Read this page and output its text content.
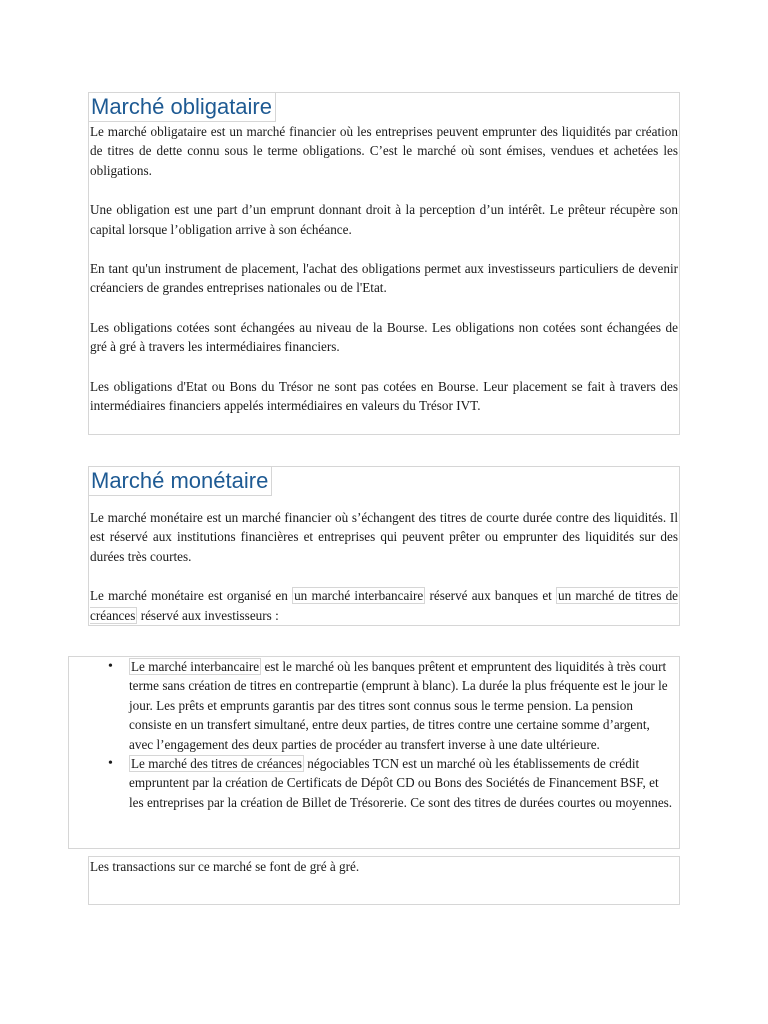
Marché obligataire

Le marché obligataire est un marché financier où les entreprises peuvent emprunter des liquidités par création de titres de dette connu sous le terme obligations. C’est le marché où sont émises, vendues et achetées les obligations.

Une obligation est une part d’un emprunt donnant droit à la perception d’un intérêt. Le prêteur récupère son capital lorsque l’obligation arrive à son échéance.

En tant qu'un instrument de placement, l'achat des obligations permet aux investisseurs particuliers de devenir créanciers de grandes entreprises nationales ou de l'Etat.

Les obligations cotées sont échangées au niveau de la Bourse. Les obligations non cotées sont échangées de gré à gré à travers les intermédiaires financiers.

Les obligations d'Etat ou Bons du Trésor ne sont pas cotées en Bourse. Leur placement se fait à travers des intermédiaires financiers appelés intermédiaires en valeurs du Trésor IVT.

Marché monétaire

Le marché monétaire est un marché financier où s’échangent des titres de courte durée contre des liquidités. Il est réservé aux institutions financières et entreprises qui peuvent prêter ou emprunter des liquidités sur des durées très courtes.

Le marché monétaire est organisé en un marché interbancaire réservé aux banques et un marché de titres de créances réservé aux investisseurs :

• Le marché interbancaire est le marché où les banques prêtent et empruntent des liquidités à très court terme sans création de titres en contrepartie (emprunt à blanc). La durée la plus fréquente est le jour le jour. Les prêts et emprunts garantis par des titres sont connus sous le terme pension. La pension consiste en un transfert simultané, entre deux parties, de titres contre une certaine somme d’argent, avec l’engagement des deux parties de procéder au transfert inverse à une date ultérieure.
• Le marché des titres de créances négociables TCN est un marché où les établissements de crédit empruntent par la création de Certificats de Dépôt CD ou Bons des Sociétés de Financement BSF, et les entreprises par la création de Billet de Trésorerie. Ce sont des titres de durées courtes ou moyennes.

Les transactions sur ce marché se font de gré à gré.
